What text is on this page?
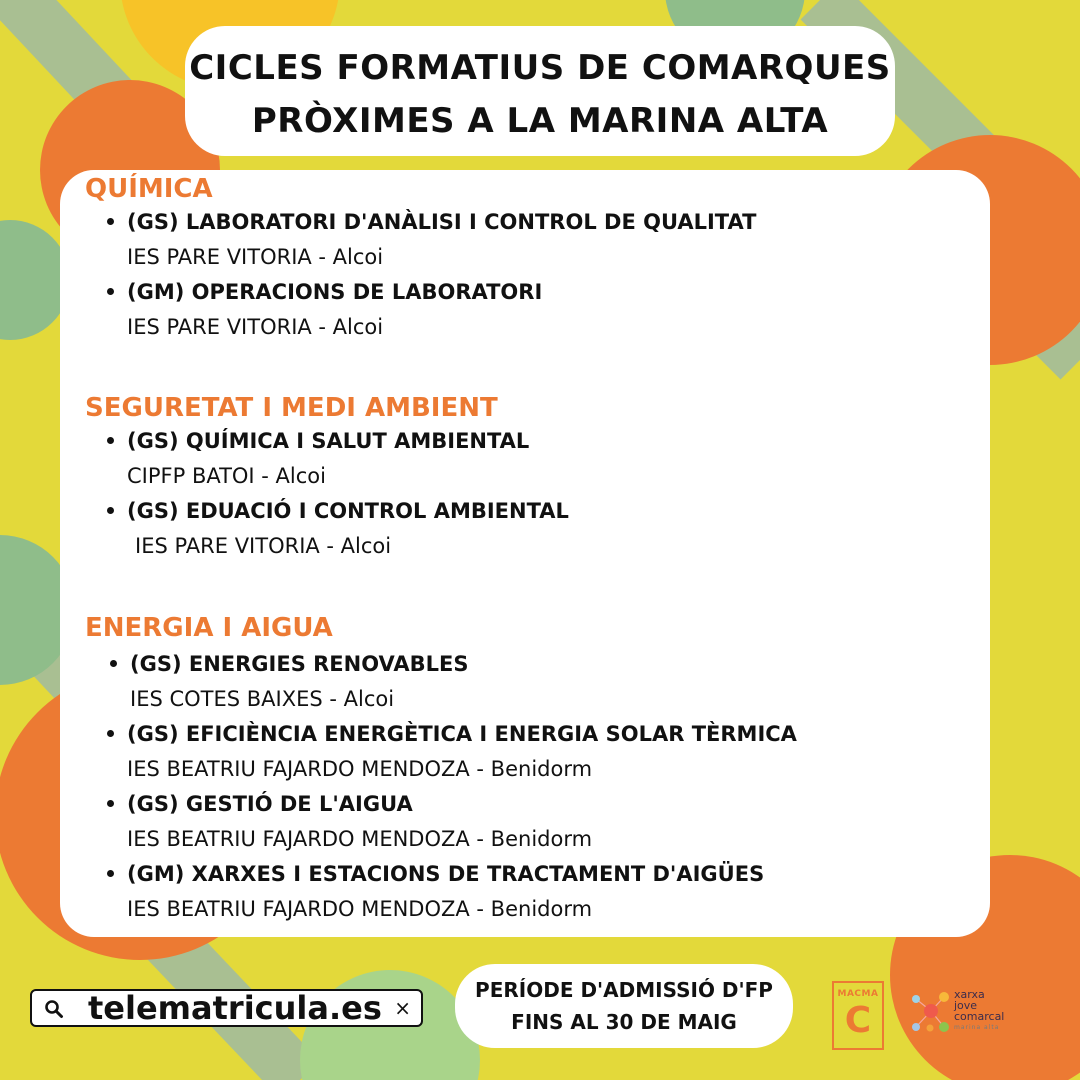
CICLES FORMATIUS DE COMARQUES
PRÒXIMES A LA MARINA ALTA
QUÍMICA
(GS) LABORATORI D'ANÀLISI I CONTROL DE QUALITAT
IES PARE VITORIA - Alcoi
(GM) OPERACIONS DE LABORATORI
IES PARE VITORIA - Alcoi
SEGURETAT I MEDI AMBIENT
(GS) QUÍMICA I SALUT AMBIENTAL
CIPFP BATOI - Alcoi
(GS) EDUACIÓ I CONTROL AMBIENTAL
IES PARE VITORIA - Alcoi
ENERGIA I AIGUA
(GS) ENERGIES RENOVABLES
IES COTES BAIXES - Alcoi
(GS) EFICIÈNCIA ENERGÈTICA I ENERGIA SOLAR TÈRMICA
IES BEATRIU FAJARDO MENDOZA - Benidorm
(GS) GESTIÓ DE L'AIGUA
IES BEATRIU FAJARDO MENDOZA - Benidorm
(GM) XARXES I ESTACIONS DE TRACTAMENT D'AIGÜES
IES BEATRIU FAJARDO MENDOZA - Benidorm
telematricula.es ×
PERÍODE D'ADMISSIÓ D'FP
FINS AL 30 DE MAIG
MACMA
C
xarxa
jove
comarcal
marina alta
